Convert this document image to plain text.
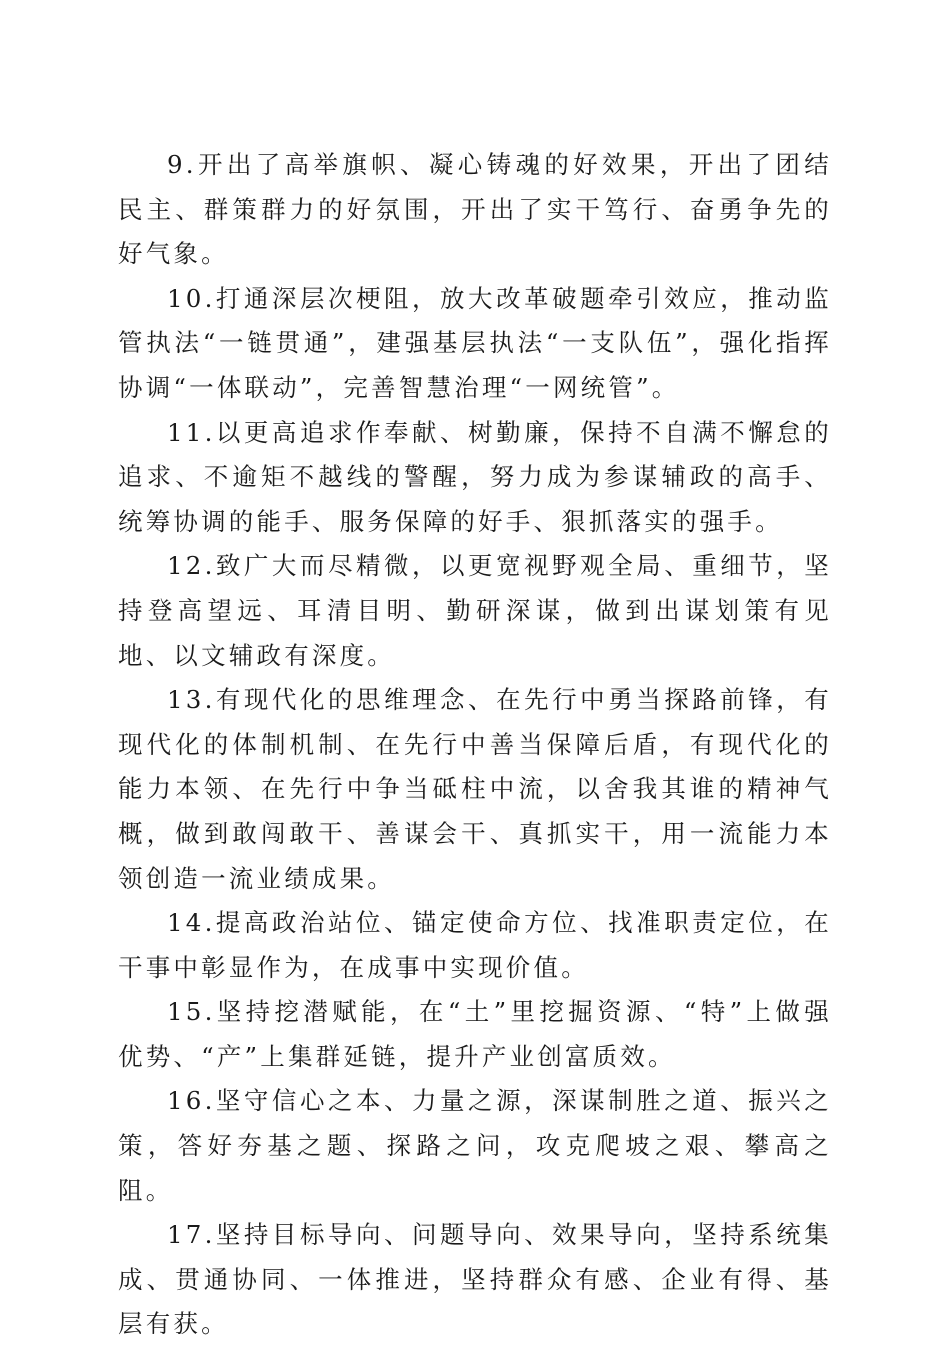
9.开出了高举旗帜、凝心铸魂的好效果，开出了团结民主、群策群力的好氛围，开出了实干笃行、奋勇争先的好气象。

10.打通深层次梗阻，放大改革破题牵引效应，推动监管执法“一链贯通”，建强基层执法“一支队伍”，强化指挥协调“一体联动”，完善智慧治理“一网统管”。

11.以更高追求作奉献、树勤廉，保持不自满不懈怠的追求、不逾矩不越线的警醒，努力成为参谋辅政的高手、统筹协调的能手、服务保障的好手、狠抓落实的强手。

12.致广大而尽精微，以更宽视野观全局、重细节，坚持登高望远、耳清目明、勤研深谋，做到出谋划策有见地、以文辅政有深度。

13.有现代化的思维理念、在先行中勇当探路前锋，有现代化的体制机制、在先行中善当保障后盾，有现代化的能力本领、在先行中争当砥柱中流，以舍我其谁的精神气概，做到敢闯敢干、善谋会干、真抓实干，用一流能力本领创造一流业绩成果。

14.提高政治站位、锚定使命方位、找准职责定位，在干事中彰显作为，在成事中实现价值。

15.坚持挖潜赋能，在“土”里挖掘资源、“特”上做强优势、“产”上集群延链，提升产业创富质效。

16.坚守信心之本、力量之源，深谋制胜之道、振兴之策，答好夯基之题、探路之问，攻克爬坡之艰、攀高之阻。

17.坚持目标导向、问题导向、效果导向，坚持系统集成、贯通协同、一体推进，坚持群众有感、企业有得、基层有获。
